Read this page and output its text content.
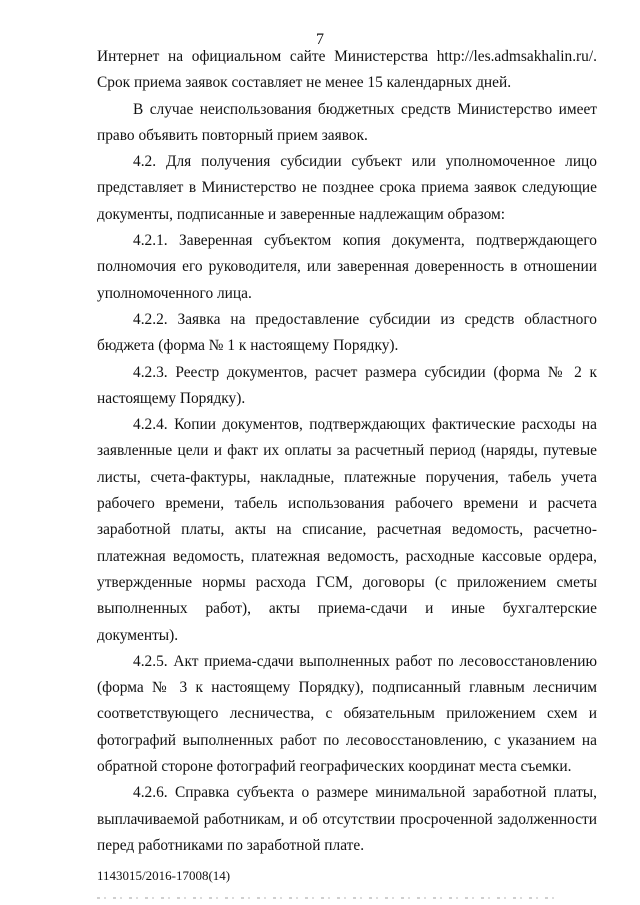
7

Интернет на официальном сайте Министерства http://les.admsakhalin.ru/. Срок приема заявок составляет не менее 15 календарных дней.

В случае неиспользования бюджетных средств Министерство имеет право объявить повторный прием заявок.

4.2. Для получения субсидии субъект или уполномоченное лицо представляет в Министерство не позднее срока приема заявок следующие документы, подписанные и заверенные надлежащим образом:

4.2.1. Заверенная субъектом копия документа, подтверждающего полномочия его руководителя, или заверенная доверенность в отношении уполномоченного лица.

4.2.2. Заявка на предоставление субсидии из средств областного бюджета (форма № 1 к настоящему Порядку).

4.2.3. Реестр документов, расчет размера субсидии (форма № 2 к настоящему Порядку).

4.2.4. Копии документов, подтверждающих фактические расходы на заявленные цели и факт их оплаты за расчетный период (наряды, путевые листы, счета-фактуры, накладные, платежные поручения, табель учета рабочего времени, табель использования рабочего времени и расчета заработной платы, акты на списание, расчетная ведомость, расчетно-платежная ведомость, платежная ведомость, расходные кассовые ордера, утвержденные нормы расхода ГСМ, договоры (с приложением сметы выполненных работ), акты приема-сдачи и иные бухгалтерские документы).

4.2.5. Акт приема-сдачи выполненных работ по лесовосстановлению (форма № 3 к настоящему Порядку), подписанный главным лесничим соответствующего лесничества, с обязательным приложением схем и фотографий выполненных работ по лесовосстановлению, с указанием на обратной стороне фотографий географических координат места съемки.

4.2.6. Справка субъекта о размере минимальной заработной платы, выплачиваемой работникам, и об отсутствии просроченной задолженности перед работниками по заработной плате.

1143015/2016-17008(14)
